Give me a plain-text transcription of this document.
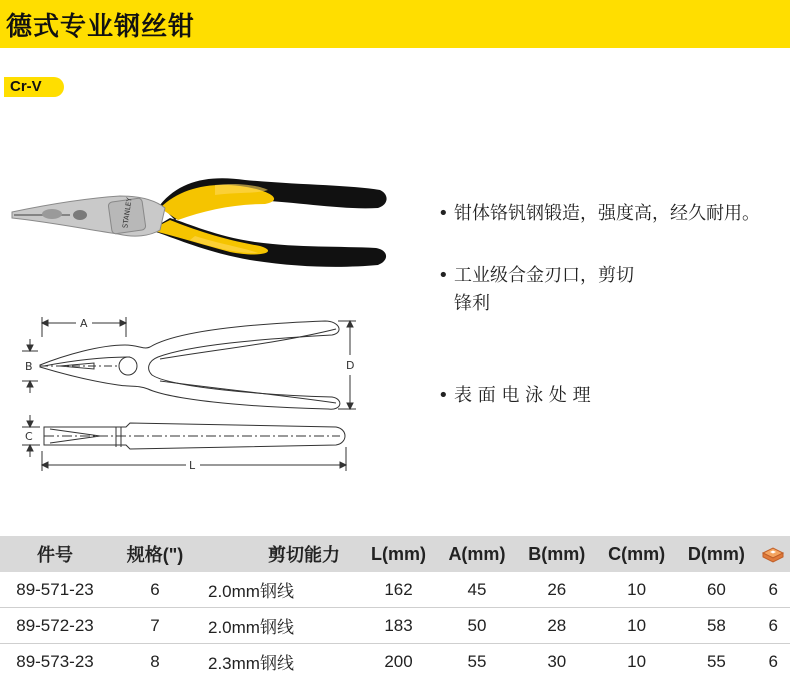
德式专业钢丝钳
Cr-V
STANLEY
A
B	D
C
L
• 钳体铬钒钢锻造，强度高，经久耐用。
• 工业级合金刃口，剪切锋利
• 表 面 电 泳 处 理
件号	规格(")	剪切能力	L(mm)	A(mm)	B(mm)	C(mm)	D(mm)	
89-571-23	6	2.0mm钢线	162	45	26	10	60	6
89-572-23	7	2.0mm钢线	183	50	28	10	58	6
89-573-23	8	2.3mm钢线	200	55	30	10	55	6
